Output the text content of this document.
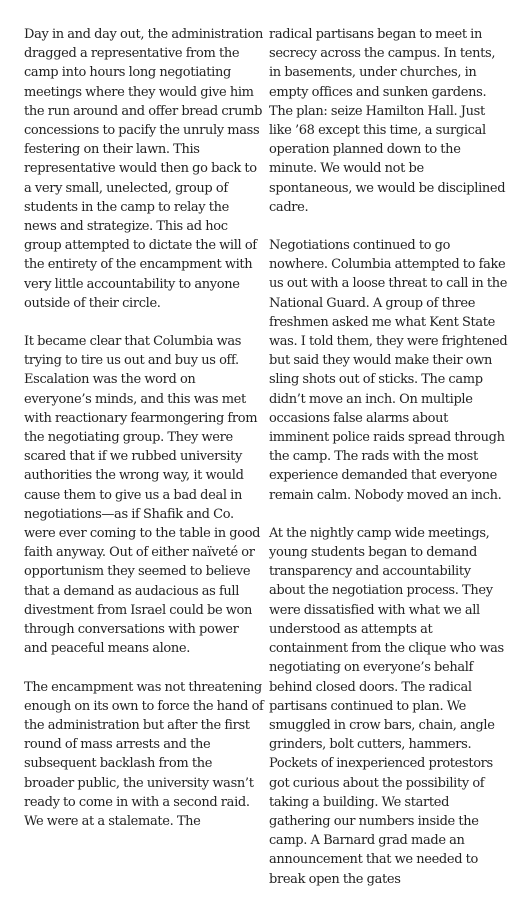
Day in and day out, the administration dragged a representative from the camp into hours long negotiating meetings where they would give him the run around and offer bread crumb concessions to pacify the unruly mass festering on their lawn. This representative would then go back to a very small, unelected, group of students in the camp to relay the news and strategize. This ad hoc group attempted to dictate the will of the entirety of the encampment with very little accountability to anyone outside of their circle.

It became clear that Columbia was trying to tire us out and buy us off. Escalation was the word on everyone’s minds, and this was met with reactionary fearmongering from the negotiating group. They were scared that if we rubbed university authorities the wrong way, it would cause them to give us a bad deal in negotiations—as if Shafik and Co. were ever coming to the table in good faith anyway. Out of either naïveté or opportunism they seemed to believe that a demand as audacious as full divestment from Israel could be won through conversations with power and peaceful means alone.

The encampment was not threatening enough on its own to force the hand of the administration but after the first round of mass arrests and the subsequent backlash from the broader public, the university wasn’t ready to come in with a second raid. We were at a stalemate. The

radical partisans began to meet in secrecy across the campus. In tents, in basements, under churches, in empty offices and sunken gardens. The plan: seize Hamilton Hall. Just like ’68 except this time, a surgical operation planned down to the minute. We would not be spontaneous, we would be disciplined cadre.

Negotiations continued to go nowhere. Columbia attempted to fake us out with a loose threat to call in the National Guard. A group of three freshmen asked me what Kent State was. I told them, they were frightened but said they would make their own sling shots out of sticks. The camp didn’t move an inch. On multiple occasions false alarms about imminent police raids spread through the camp. The rads with the most experience demanded that everyone remain calm. Nobody moved an inch.

At the nightly camp wide meetings, young students began to demand transparency and accountability about the negotiation process. They were dissatisfied with what we all understood as attempts at containment from the clique who was negotiating on everyone’s behalf behind closed doors. The radical partisans continued to plan. We smuggled in crow bars, chain, angle grinders, bolt cutters, hammers. Pockets of inexperienced protestors got curious about the possibility of taking a building. We started gathering our numbers inside the camp. A Barnard grad made an announcement that we needed to break open the gates
